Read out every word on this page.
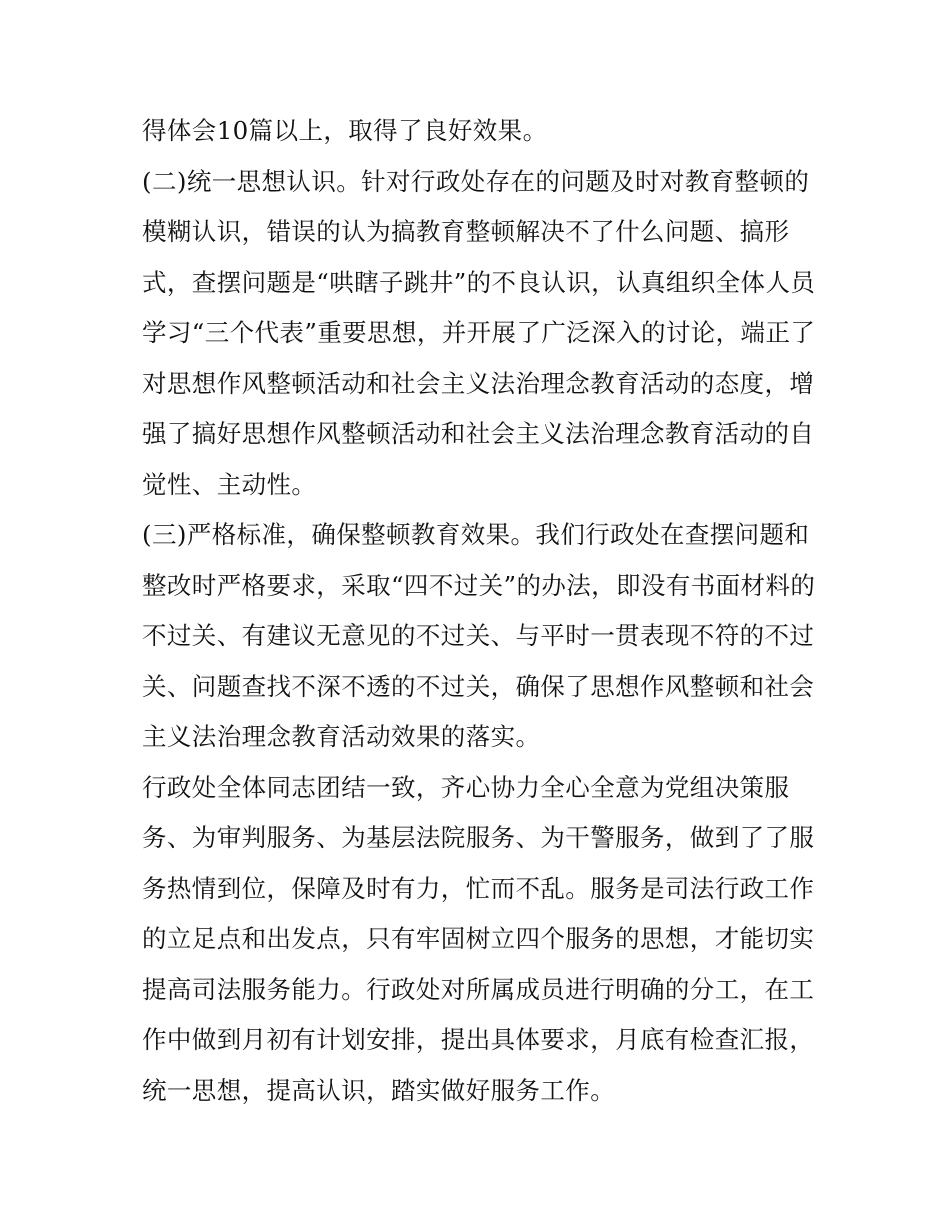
得体会10篇以上，取得了良好效果。
(二)统一思想认识。针对行政处存在的问题及时对教育整顿的
模糊认识，错误的认为搞教育整顿解决不了什么问题、搞形
式，查摆问题是“哄瞎子跳井”的不良认识，认真组织全体人员
学习“三个代表”重要思想，并开展了广泛深入的讨论，端正了
对思想作风整顿活动和社会主义法治理念教育活动的态度，增
强了搞好思想作风整顿活动和社会主义法治理念教育活动的自
觉性、主动性。
(三)严格标准，确保整顿教育效果。我们行政处在查摆问题和
整改时严格要求，采取“四不过关”的办法，即没有书面材料的
不过关、有建议无意见的不过关、与平时一贯表现不符的不过
关、问题查找不深不透的不过关，确保了思想作风整顿和社会
主义法治理念教育活动效果的落实。
行政处全体同志团结一致，齐心协力全心全意为党组决策服
务、为审判服务、为基层法院服务、为干警服务，做到了了服
务热情到位，保障及时有力，忙而不乱。服务是司法行政工作
的立足点和出发点，只有牢固树立四个服务的思想，才能切实
提高司法服务能力。行政处对所属成员进行明确的分工，在工
作中做到月初有计划安排，提出具体要求，月底有检查汇报，
统一思想，提高认识，踏实做好服务工作。
